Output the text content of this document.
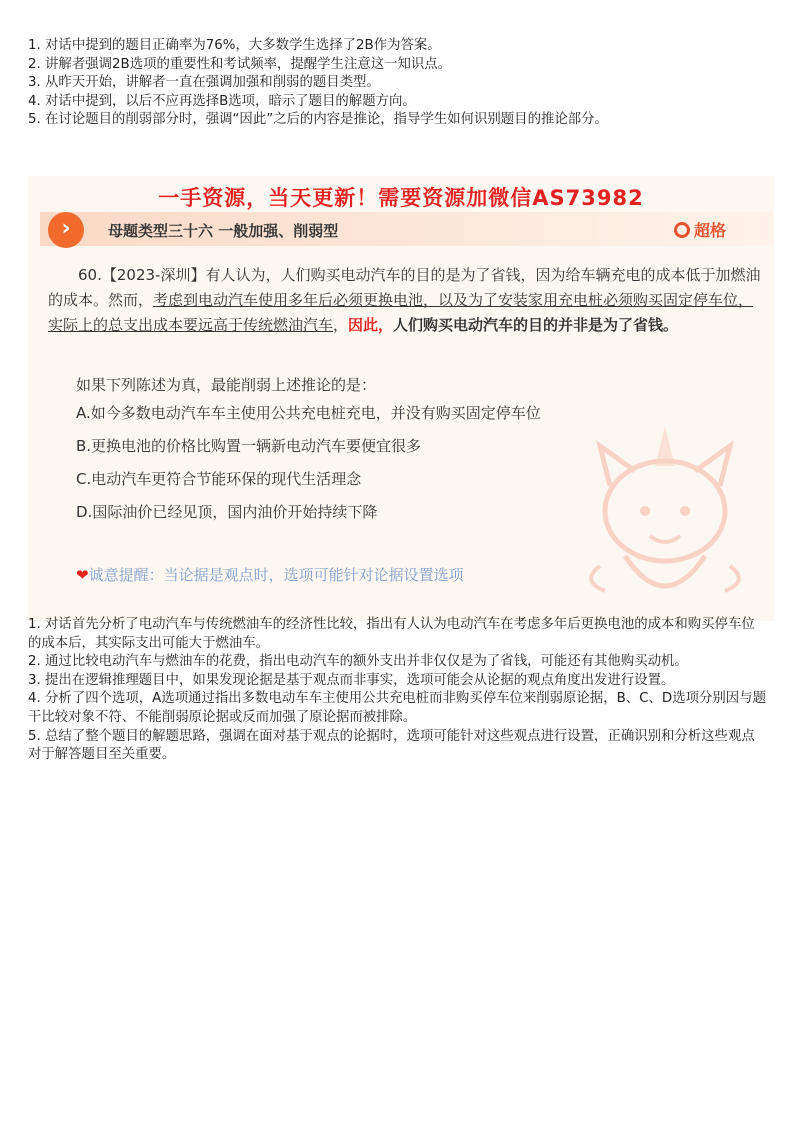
1. 对话中提到的题目正确率为76%，大多数学生选择了2B作为答案。

2. 讲解者强调2B选项的重要性和考试频率，提醒学生注意这一知识点。

3. 从昨天开始，讲解者一直在强调加强和削弱的题目类型。

4. 对话中提到，以后不应再选择B选项，暗示了题目的解题方向。

5. 在讨论题目的削弱部分时，强调“因此”之后的内容是推论，指导学生如何识别题目的推论部分。

一手资源，当天更新！需要资源加微信AS73982
›	母题类型三十六 一般加强、削弱型	超格
60.【2023-深圳】有人认为，人们购买电动汽车的目的是为了省钱，因为给车辆充电的成本低于加燃油的成本。然而，考虑到电动汽车使用多年后必须更换电池，以及为了安装家用充电桩必须购买固定停车位，实际上的总支出成本要远高于传统燃油汽车，因此，人们购买电动汽车的目的并非是为了省钱。
如果下列陈述为真，最能削弱上述推论的是：
A.如今多数电动汽车车主使用公共充电桩充电，并没有购买固定停车位
B.更换电池的价格比购置一辆新电动汽车要便宜很多
C.电动汽车更符合节能环保的现代生活理念
D.国际油价已经见顶，国内油价开始持续下降
❤诚意提醒：当论据是观点时，选项可能针对论据设置选项

1. 对话首先分析了电动汽车与传统燃油车的经济性比较，指出有人认为电动汽车在考虑多年后更换电池的成本和购买停车位的成本后，其实际支出可能大于燃油车。

2. 通过比较电动汽车与燃油车的花费，指出电动汽车的额外支出并非仅仅是为了省钱，可能还有其他购买动机。

3. 提出在逻辑推理题目中，如果发现论据是基于观点而非事实，选项可能会从论据的观点角度出发进行设置。

4. 分析了四个选项，A选项通过指出多数电动车车主使用公共充电桩而非购买停车位来削弱原论据，B、C、D选项分别因与题干比较对象不符、不能削弱原论据或反而加强了原论据而被排除。

5. 总结了整个题目的解题思路，强调在面对基于观点的论据时，选项可能针对这些观点进行设置，正确识别和分析这些观点对于解答题目至关重要。
